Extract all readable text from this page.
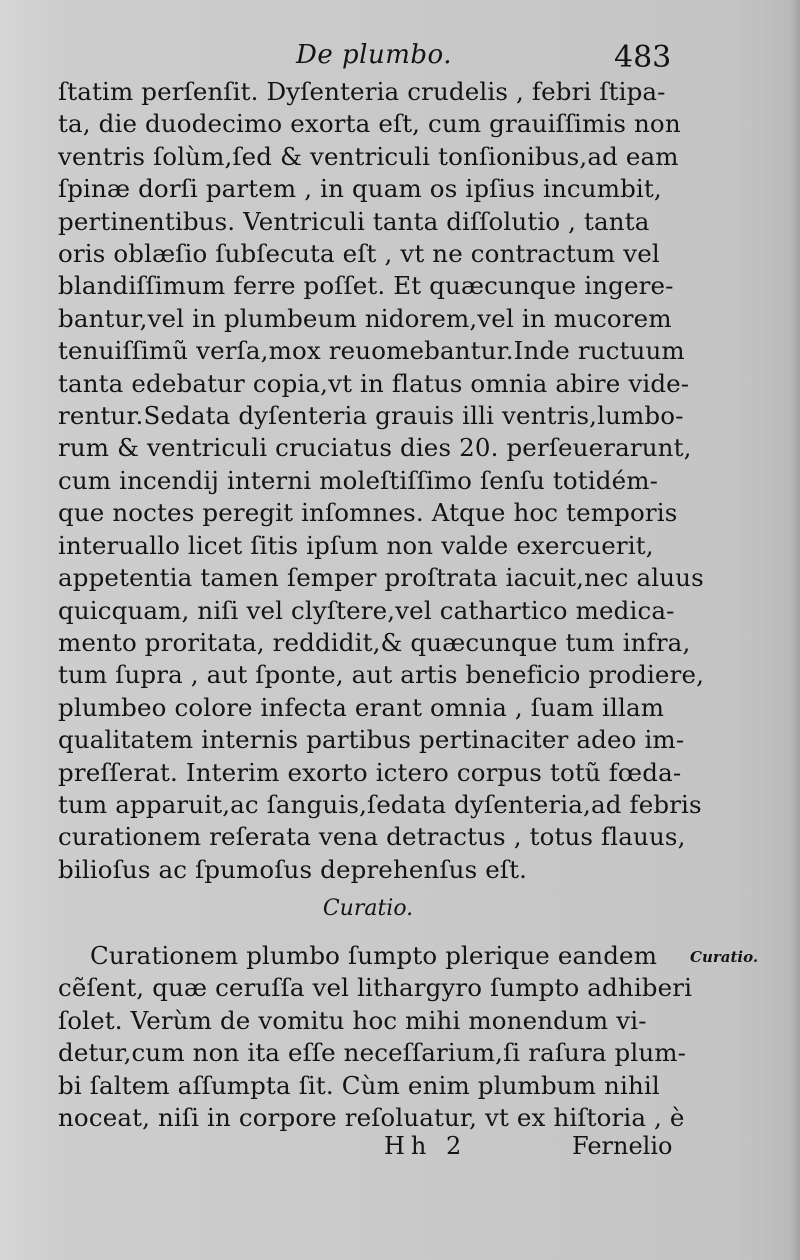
De plumbo.	483

ſtatim perſenſit. Dyſenteria crudelis , febri ſtipa-
ta, die duodecimo exorta eſt, cum grauiſſimis non
ventris ſolùm,ſed & ventriculi tonſionibus,ad eam
ſpinæ dorſi partem , in quam os ipſius incumbit,
pertinentibus. Ventriculi tanta diſſolutio , tanta
oris oblæſio ſubſecuta eſt , vt ne contractum vel
blandiſſimum ferre poſſet. Et quæcunque ingere-
bantur,vel in plumbeum nidorem,vel in mucorem
tenuiſſimũ verſa,mox reuomebantur.Inde ructuum
tanta edebatur copia,vt in flatus omnia abire vide-
rentur.Sedata dyſenteria grauis illi ventris,lumbo-
rum & ventriculi cruciatus dies 20. perſeuerarunt,
cum incendij interni moleſtiſſimo ſenſu totidém-
que noctes peregit inſomnes. Atque hoc temporis
interuallo licet ſitis ipſum non valde exercuerit,
appetentia tamen ſemper proſtrata iacuit,nec aluus
quicquam, niſi vel clyſtere,vel cathartico medica-
mento proritata, reddidit,& quæcunque tum infra,
tum ſupra , aut ſponte, aut artis beneficio prodiere,
plumbeo colore infecta erant omnia , ſuam illam
qualitatem internis partibus pertinaciter adeo im-
preſſerat. Interim exorto ictero corpus totũ fœda-
tum apparuit,ac ſanguis,ſedata dyſenteria,ad febris
curationem reſerata vena detractus , totus flauus,
bilioſus ac ſpumoſus deprehenſus eſt.

Curatio.
Curatio.

Curationem plumbo ſumpto plerique eandem
cẽſent, quæ ceruſſa vel lithargyro ſumpto adhiberi
ſolet. Verùm de vomitu hoc mihi monendum vi-
detur,cum non ita eſſe neceſſarium,ſi raſura plum-
bi ſaltem aſſumpta ſit. Cùm enim plumbum nihil
noceat, niſi in corpore reſoluatur, vt ex hiſtoria , è

Hh 2	Fernelio
